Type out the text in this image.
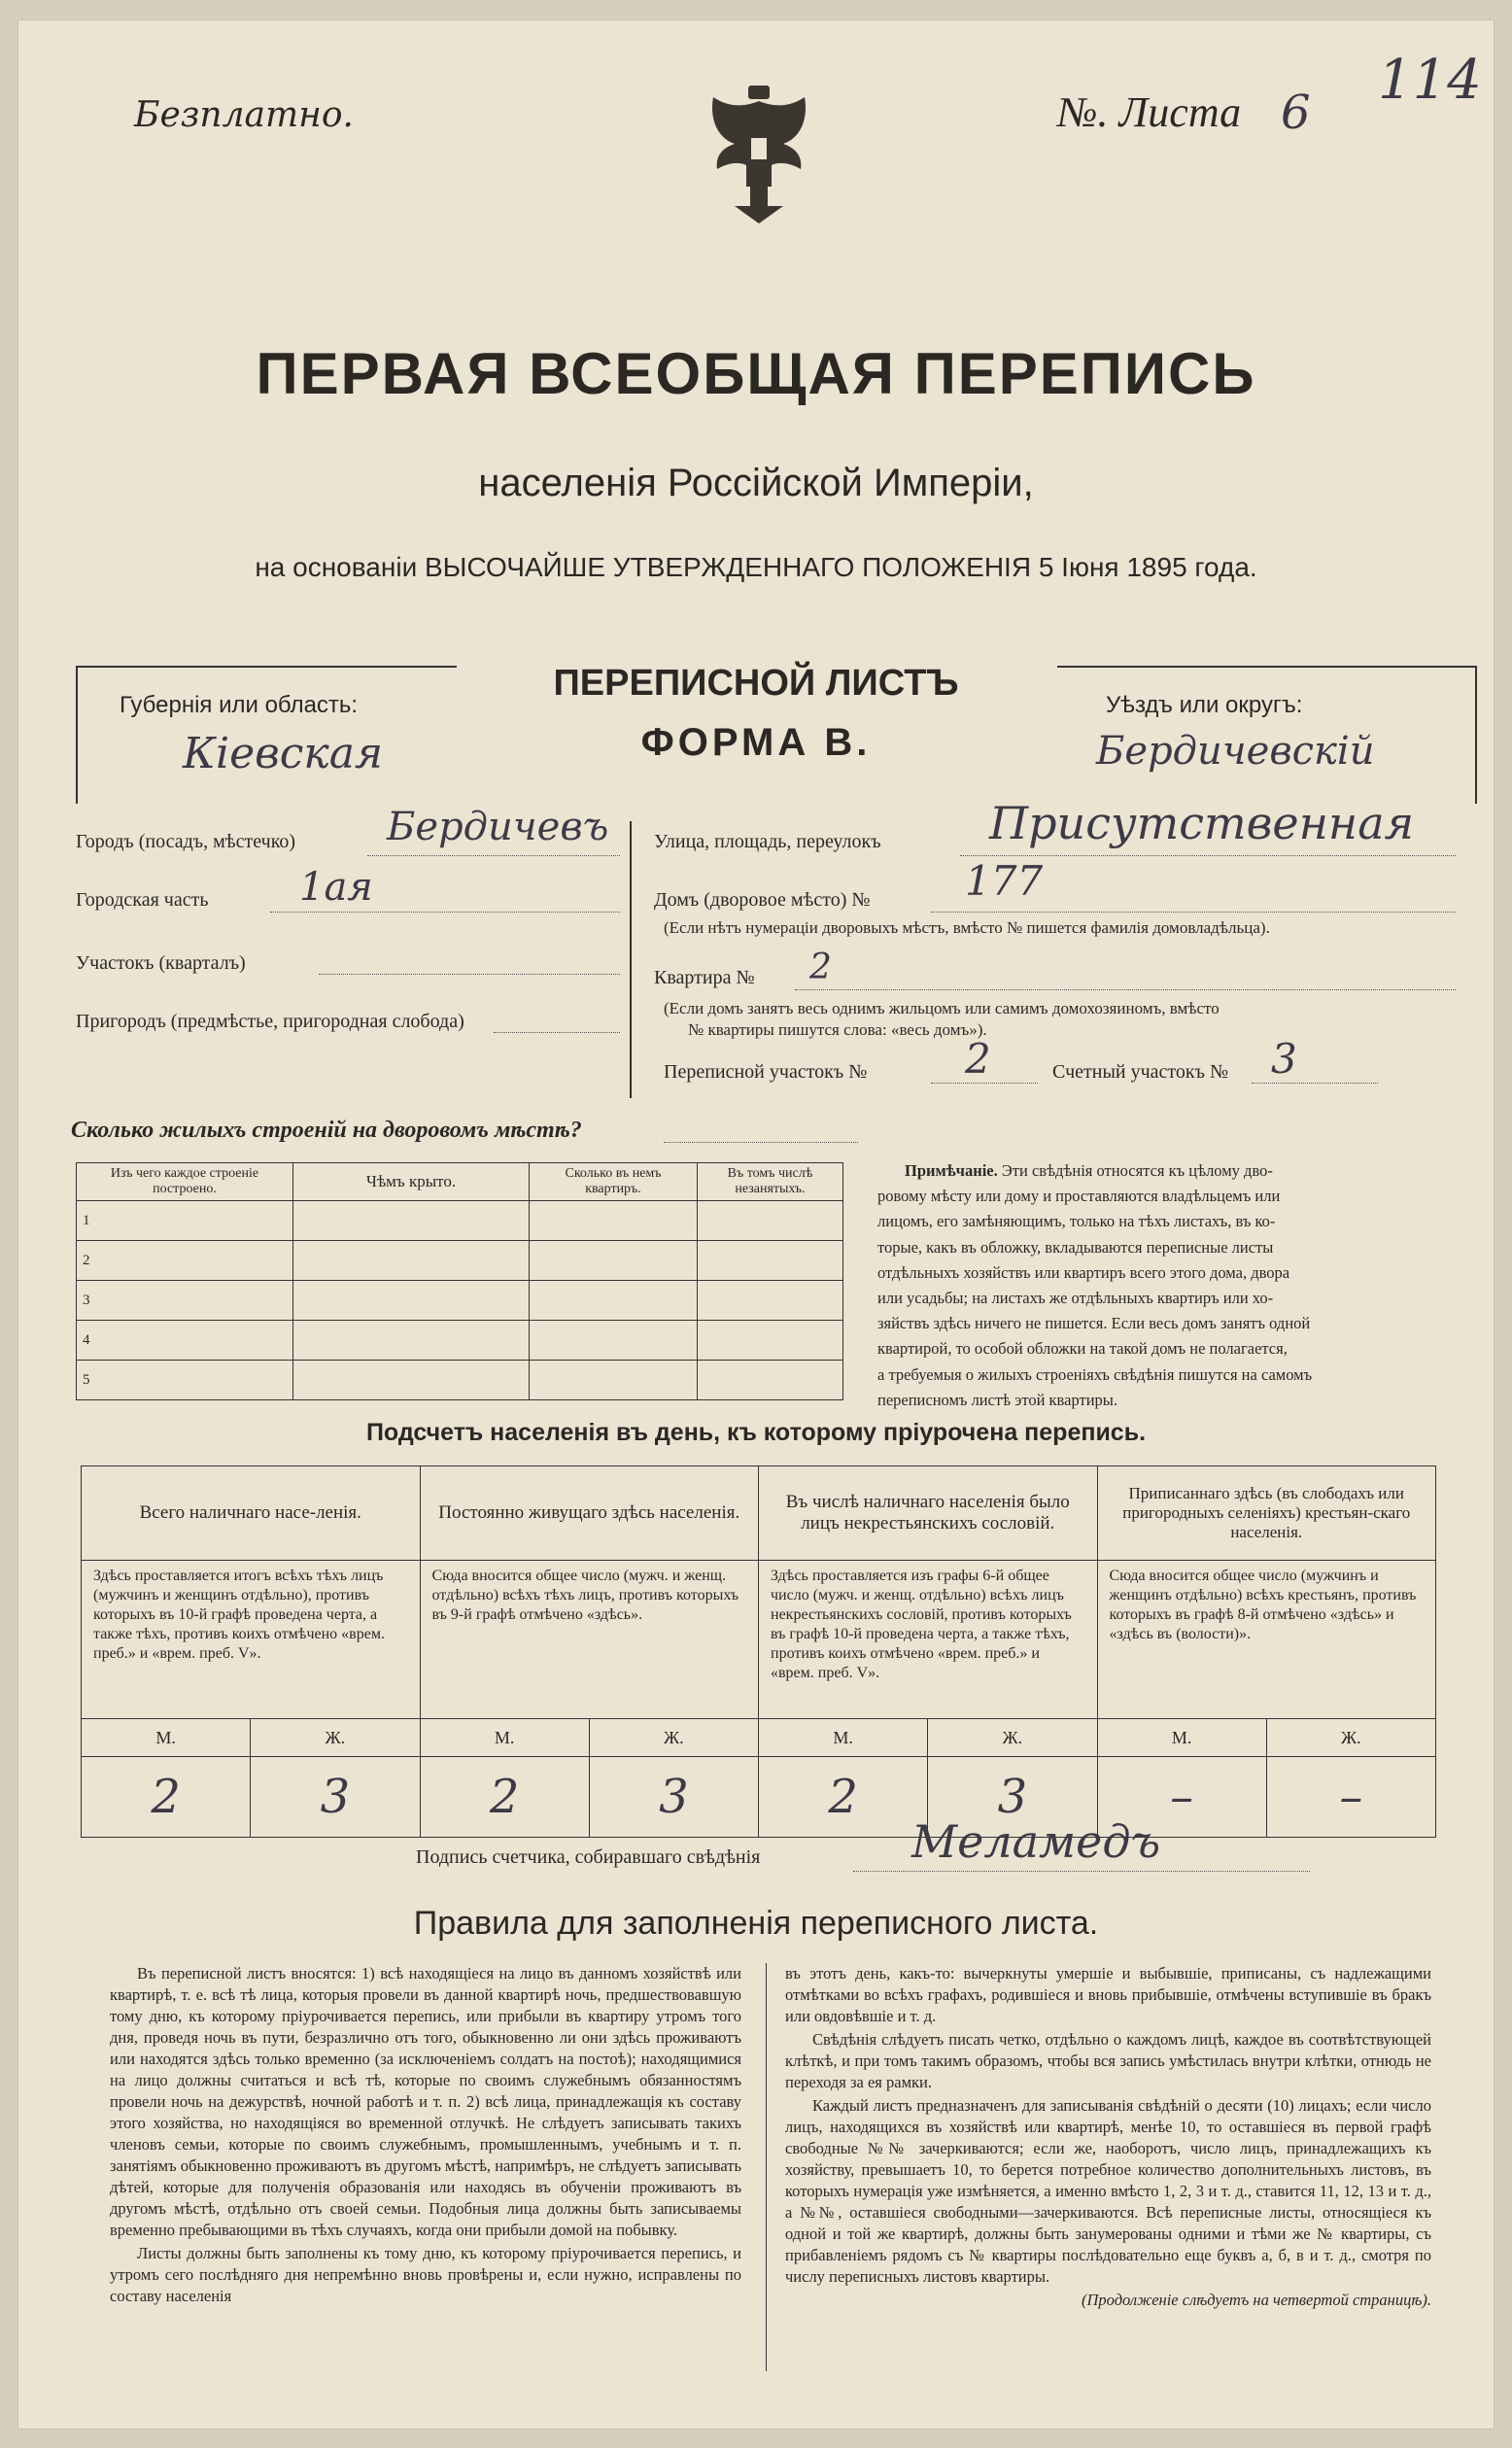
Безплатно.	№. Листа 6
114
ПЕРВАЯ ВСЕОБЩАЯ ПЕРЕПИСЬ
населенія Россійской Имперіи,
на основаніи ВЫСОЧАЙШЕ УТВЕРЖДЕННАГО ПОЛОЖЕНІЯ 5 Іюня 1895 года.
Губернія или область:
Кіевская
Уѣздъ или округъ:
Бердичевскій
ПЕРЕПИСНОЙ ЛИСТЪ
ФОРМА В.
Городъ (посадъ, мѣстечко) Бердичевъ
Городская часть 1ая
Участокъ (кварталъ)
Пригородъ (предмѣстье, пригородная слобода)
Улица, площадь, переулокъ Присутственная
Домъ (дворовое мѣсто) № 177
(Если нѣтъ нумераціи дворовыхъ мѣстъ, вмѣсто № пишется фамилія домовладѣльца).
Квартира № 2
(Если домъ занятъ весь однимъ жильцомъ или самимъ домохозяиномъ, вмѣсто
№ квартиры пишутся слова: «весь домъ»).
Переписной участокъ № 2	Счетный участокъ № 3
Сколько жилыхъ строеній на дворовомъ мѣстѣ?
Изъ чего каждое строеніе построено.	Чѣмъ крыто.	Сколько въ немъ квартиръ.	Въ томъ числѣ незанятыхъ.
1			
2			
3			
4			
5			
Примѣчаніе. Эти свѣдѣнія относятся къ цѣлому дво-
ровому мѣсту или дому и проставляются владѣльцемъ или
лицомъ, его замѣняющимъ, только на тѣхъ листахъ, въ ко-
торые, какъ въ обложку, вкладываются переписные листы
отдѣльныхъ хозяйствъ или квартиръ всего этого дома, двора
или усадьбы; на листахъ же отдѣльныхъ квартиръ или хо-
зяйствъ здѣсь ничего не пишется. Если весь домъ занятъ одной
квартирой, то особой обложки на такой домъ не полагается,
а требуемыя о жилыхъ строеніяхъ свѣдѣнія пишутся на самомъ
переписномъ листѣ этой квартиры.
Подсчетъ населенія въ день, къ которому пріурочена перепись.
Всего наличнаго насе-ленія.		Постоянно живущаго здѣсь населенія.		Въ числѣ наличнаго населенія было лицъ некрестьянскихъ сословій.		Приписаннаго здѣсь (въ слободахъ или пригородныхъ селеніяхъ) крестьян-скаго населенія.	
Здѣсь проставляется итогъ всѣхъ тѣхъ лицъ (мужчинъ и женщинъ отдѣльно), противъ которыхъ въ 10-й графѣ проведена черта, а также тѣхъ, противъ коихъ отмѣчено «врем. преб.» и «врем. преб. V».		Сюда вносится общее число (мужч. и женщ. отдѣльно) всѣхъ тѣхъ лицъ, противъ которыхъ въ 9-й графѣ отмѣчено «здѣсь».		Здѣсь проставляется изъ графы 6-й общее число (мужч. и женщ. отдѣльно) всѣхъ лицъ некрестьянскихъ сословій, противъ которыхъ въ графѣ 10-й проведена черта, а также тѣхъ, противъ коихъ отмѣчено «врем. преб.» и «врем. преб. V».		Сюда вносится общее число (мужчинъ и женщинъ отдѣльно) всѣхъ крестьянъ, противъ которыхъ въ графѣ 8-й отмѣчено «здѣсь» и «здѣсь въ (волости)».	
М.	Ж.	М.	Ж.	М.	Ж.	М.	Ж.
2	3	2	3	2	3	–	–
Подпись счетчика, собиравшаго свѣдѣнія	Меламедъ
Правила для заполненія переписного листа.

Въ переписной листъ вносятся: 1) всѣ находящіеся на лицо въ данномъ хозяйствѣ или квартирѣ, т. е. всѣ тѣ лица, которыя провели въ данной квартирѣ ночь, предшествовавшую тому дню, къ которому пріурочивается перепись, или прибыли въ квартиру утромъ того дня, проведя ночь въ пути, безразлично отъ того, обыкновенно ли они здѣсь проживаютъ или находятся здѣсь только временно (за исключеніемъ солдатъ на постоѣ); находящимися на лицо должны считаться и всѣ тѣ, которые по своимъ служебнымъ обязанностямъ провели ночь на дежурствѣ, ночной работѣ и т. п. 2) всѣ лица, принадлежащія къ составу этого хозяйства, но находящіяся во временной отлучкѣ. Не слѣдуетъ записывать такихъ членовъ семьи, которые по своимъ служебнымъ, промышленнымъ, учебнымъ и т. п. занятіямъ обыкновенно проживаютъ въ другомъ мѣстѣ, напримѣръ, не слѣдуетъ записывать дѣтей, которые для полученія образованія или находясь въ обученіи проживаютъ въ другомъ мѣстѣ, отдѣльно отъ своей семьи. Подобныя лица должны быть записываемы временно пребывающими въ тѣхъ случаяхъ, когда они прибыли домой на побывку.

Листы должны быть заполнены къ тому дню, къ которому пріурочивается перепись, и утромъ сего послѣдняго дня непремѣнно вновь провѣрены и, если нужно, исправлены по составу населенія

въ этотъ день, какъ-то: вычеркнуты умершіе и выбывшіе, приписаны, съ надлежащими отмѣтками во всѣхъ графахъ, родившіеся и вновь прибывшіе, отмѣчены вступившіе въ бракъ или овдовѣвшіе и т. д.

Свѣдѣнія слѣдуетъ писать четко, отдѣльно о каждомъ лицѣ, каждое въ соотвѣтствующей клѣткѣ, и при томъ такимъ образомъ, чтобы вся запись умѣстилась внутри клѣтки, отнюдь не переходя за ея рамки.

Каждый листъ предназначенъ для записыванія свѣдѣній о десяти (10) лицахъ; если число лицъ, находящихся въ хозяйствѣ или квартирѣ, менѣе 10, то оставшіеся въ первой графѣ свободные №№ зачеркиваются; если же, наоборотъ, число лицъ, принадлежащихъ къ хозяйству, превышаетъ 10, то берется потребное количество дополнительныхъ листовъ, въ которыхъ нумерація уже измѣняется, а именно вмѣсто 1, 2, 3 и т. д., ставится 11, 12, 13 и т. д., а №№, оставшіеся свободными—зачеркиваются. Всѣ переписные листы, относящіеся къ одной и той же квартирѣ, должны быть занумерованы одними и тѣми же № квартиры, съ прибавленіемъ рядомъ съ № квартиры послѣдовательно еще буквъ а, б, в и т. д., смотря по числу переписныхъ листовъ квартиры.

(Продолженіе слѣдуетъ на четвертой страницѣ).
